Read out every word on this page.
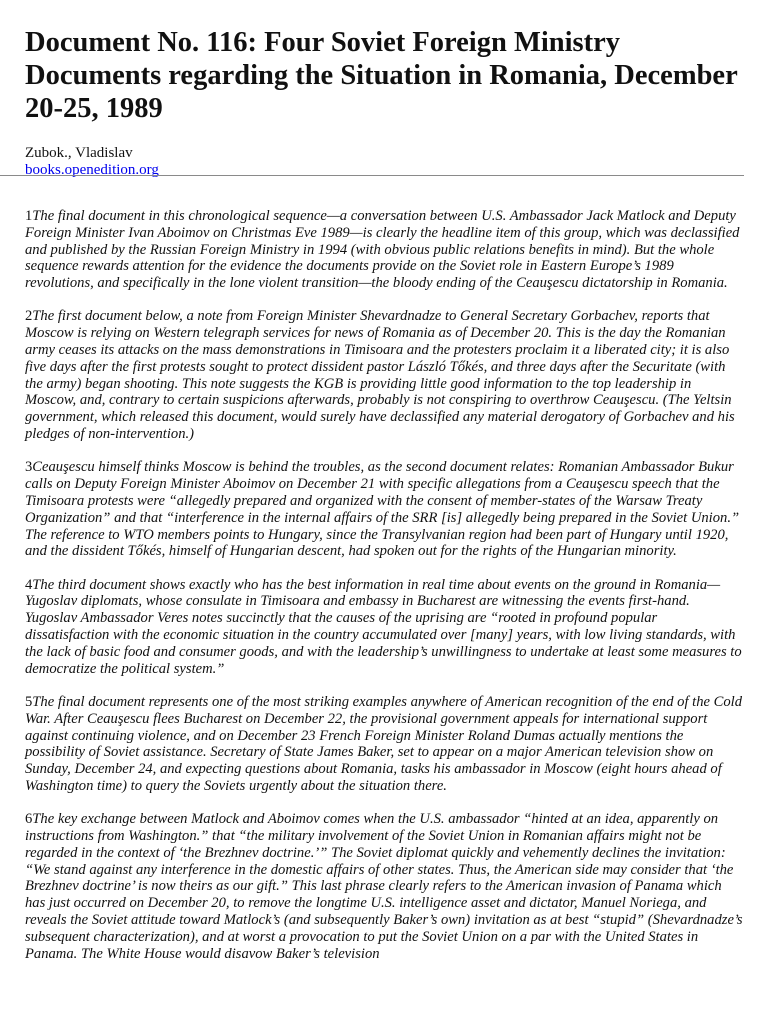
Document No. 116: Four Soviet Foreign Ministry Documents regarding the Situation in Romania, December 20-25, 1989
Zubok., Vladislav
books.openedition.org

1The final document in this chronological sequence—a conversation between U.S. Ambassador Jack Matlock and Deputy Foreign Minister Ivan Aboimov on Christmas Eve 1989—is clearly the headline item of this group, which was declassified and published by the Russian Foreign Ministry in 1994 (with obvious public relations benefits in mind). But the whole sequence rewards attention for the evidence the documents provide on the Soviet role in Eastern Europe’s 1989 revolutions, and specifically in the lone violent transition—the bloody ending of the Ceauşescu dictatorship in Romania.

2The first document below, a note from Foreign Minister Shevardnadze to General Secretary Gorbachev, reports that Moscow is relying on Western telegraph services for news of Romania as of December 20. This is the day the Romanian army ceases its attacks on the mass demonstrations in Timisoara and the protesters proclaim it a liberated city; it is also five days after the first protests sought to protect dissident pastor László Tőkés, and three days after the Securitate (with the army) began shooting. This note suggests the KGB is providing little good information to the top leadership in Moscow, and, contrary to certain suspicions afterwards, probably is not conspiring to overthrow Ceauşescu. (The Yeltsin government, which released this document, would surely have declassified any material derogatory of Gorbachev and his pledges of non-intervention.)

3Ceauşescu himself thinks Moscow is behind the troubles, as the second document relates: Romanian Ambassador Bukur calls on Deputy Foreign Minister Aboimov on December 21 with specific allegations from a Ceauşescu speech that the Timisoara protests were “allegedly prepared and organized with the consent of member-states of the Warsaw Treaty Organization” and that “interference in the internal affairs of the SRR [is] allegedly being prepared in the Soviet Union.” The reference to WTO members points to Hungary, since the Transylvanian region had been part of Hungary until 1920, and the dissident Tőkés, himself of Hungarian descent, had spoken out for the rights of the Hungarian minority.

4The third document shows exactly who has the best information in real time about events on the ground in Romania—Yugoslav diplomats, whose consulate in Timisoara and embassy in Bucharest are witnessing the events first-hand. Yugoslav Ambassador Veres notes succinctly that the causes of the uprising are “rooted in profound popular dissatisfaction with the economic situation in the country accumulated over [many] years, with low living standards, with the lack of basic food and consumer goods, and with the leadership’s unwillingness to undertake at least some measures to democratize the political system.”

5The final document represents one of the most striking examples anywhere of American recognition of the end of the Cold War. After Ceauşescu flees Bucharest on December 22, the provisional government appeals for international support against continuing violence, and on December 23 French Foreign Minister Roland Dumas actually mentions the possibility of Soviet assistance. Secretary of State James Baker, set to appear on a major American television show on Sunday, December 24, and expecting questions about Romania, tasks his ambassador in Moscow (eight hours ahead of Washington time) to query the Soviets urgently about the situation there.

6The key exchange between Matlock and Aboimov comes when the U.S. ambassador “hinted at an idea, apparently on instructions from Washington.” that “the military involvement of the Soviet Union in Romanian affairs might not be regarded in the context of ‘the Brezhnev doctrine.’” The Soviet diplomat quickly and vehemently declines the invitation: “We stand against any interference in the domestic affairs of other states. Thus, the American side may consider that ‘the Brezhnev doctrine’ is now theirs as our gift.” This last phrase clearly refers to the American invasion of Panama which has just occurred on December 20, to remove the longtime U.S. intelligence asset and dictator, Manuel Noriega, and reveals the Soviet attitude toward Matlock’s (and subsequently Baker’s own) invitation as at best “stupid” (Shevardnadze’s subsequent characterization), and at worst a provocation to put the Soviet Union on a par with the United States in Panama. The White House would disavow Baker’s television
